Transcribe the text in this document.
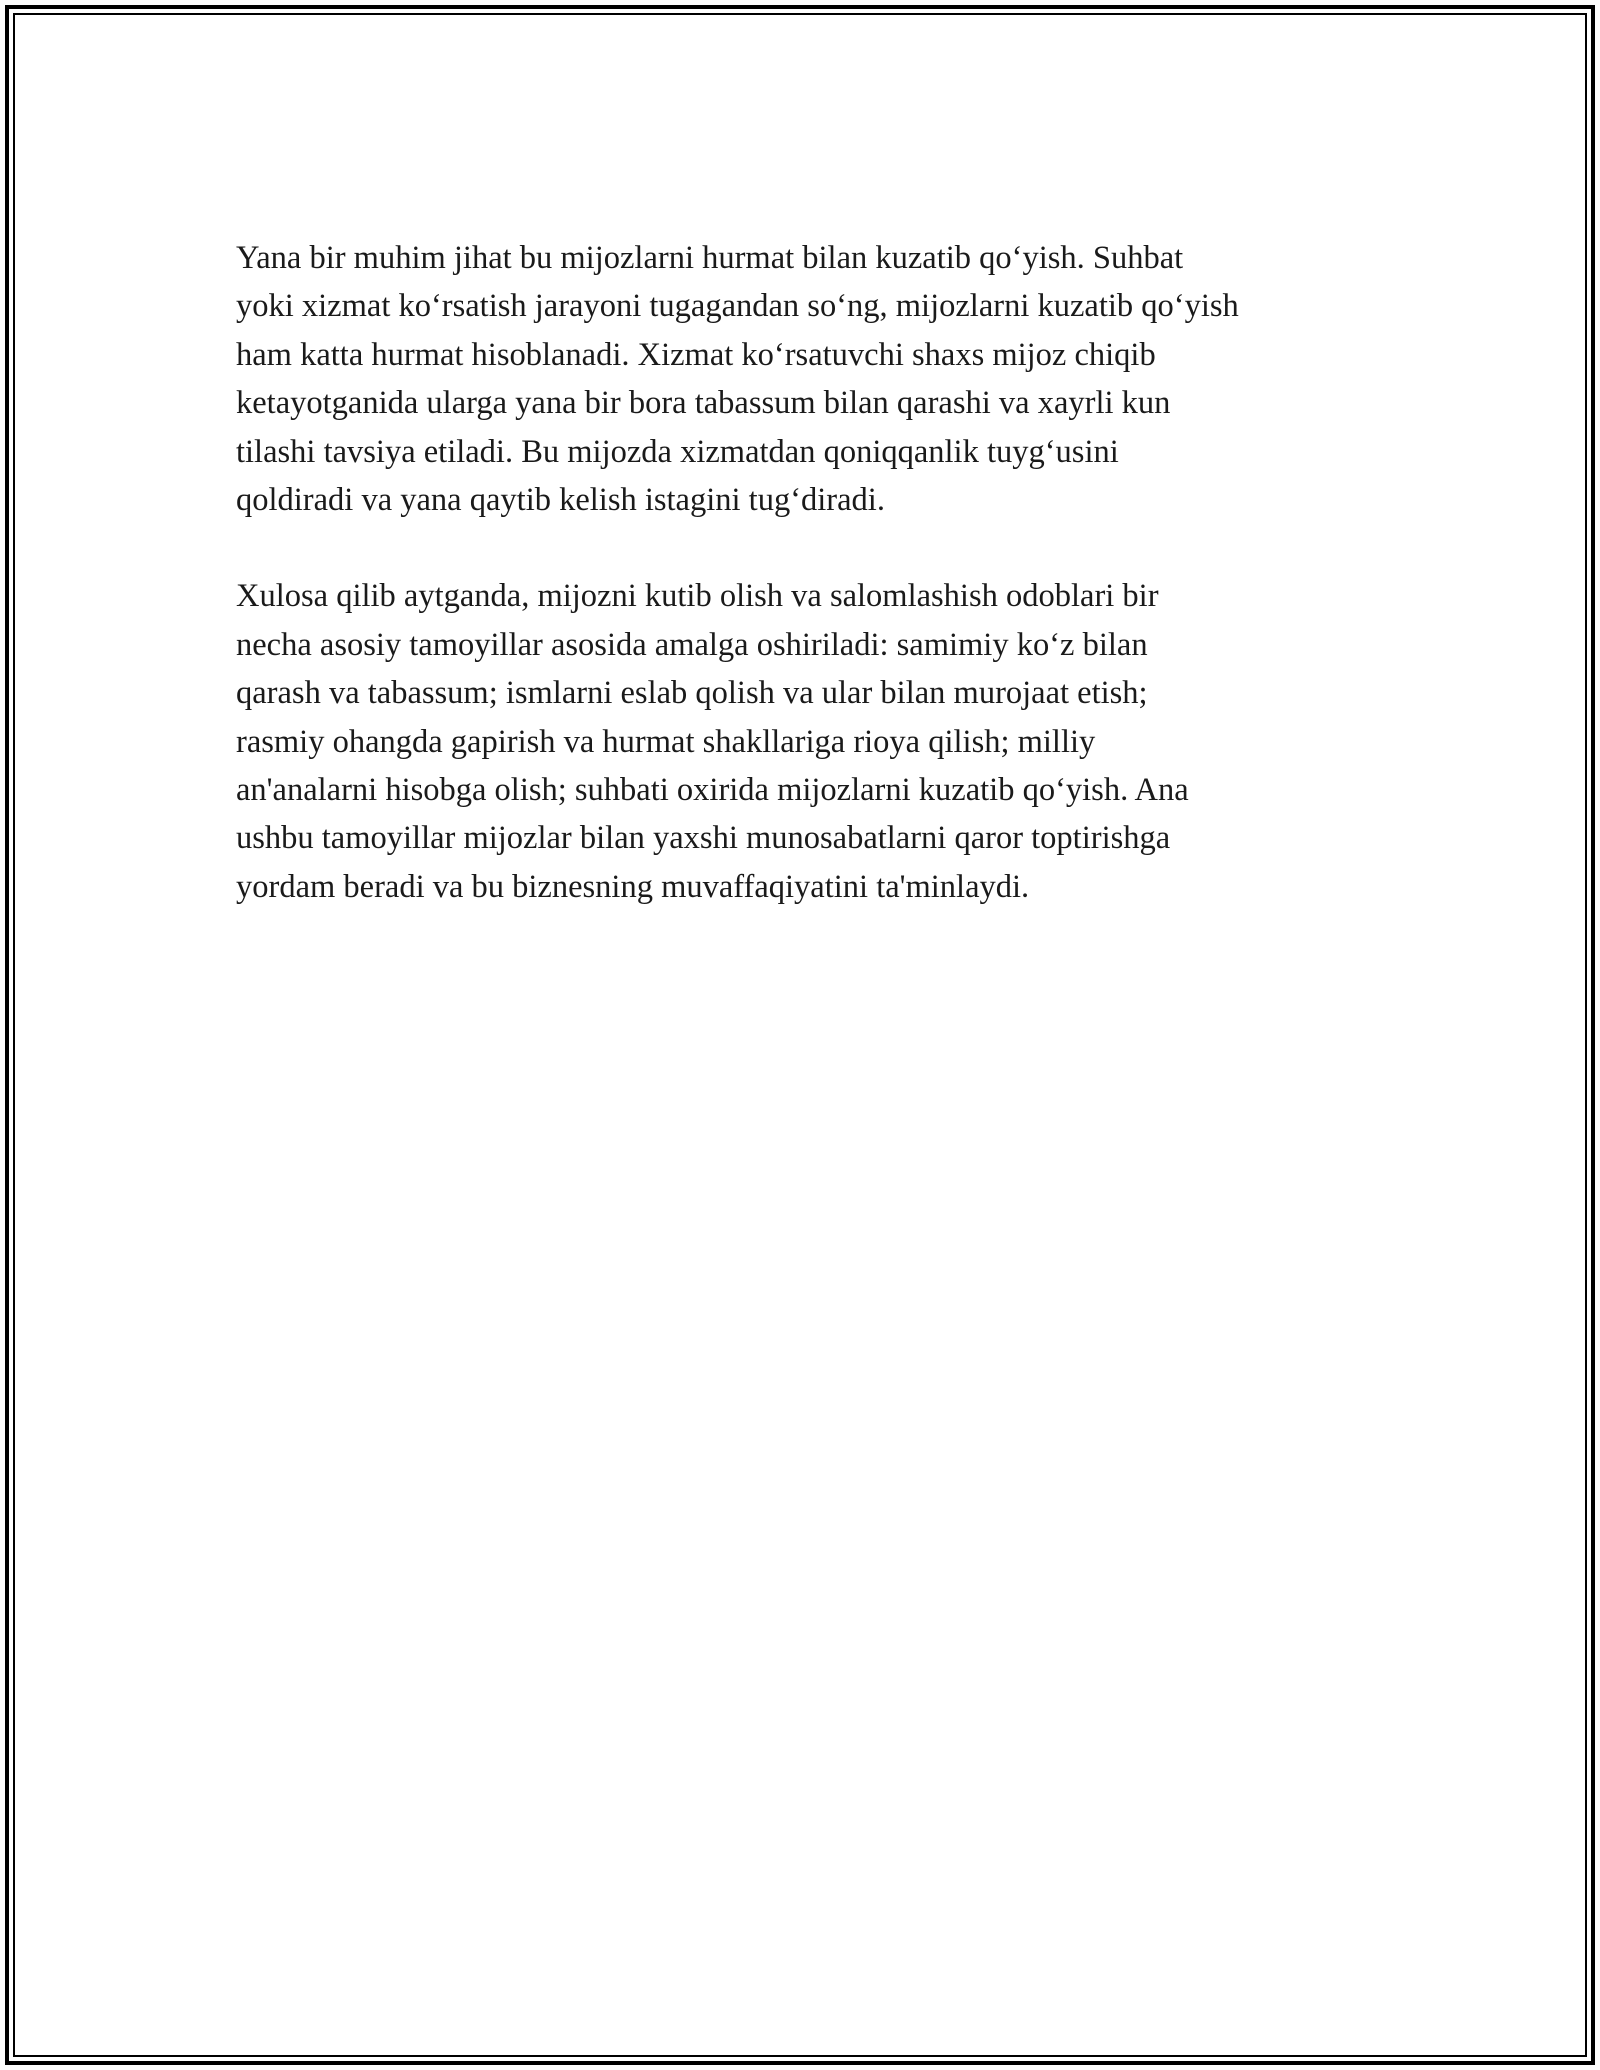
Yana bir muhim jihat bu mijozlarni hurmat bilan kuzatib qo‘yish. Suhbat
yoki xizmat ko‘rsatish jarayoni tugagandan so‘ng, mijozlarni kuzatib qo‘yish
ham katta hurmat hisoblanadi. Xizmat ko‘rsatuvchi shaxs mijoz chiqib
ketayotganida ularga yana bir bora tabassum bilan qarashi va xayrli kun
tilashi tavsiya etiladi. Bu mijozda xizmatdan qoniqqanlik tuyg‘usini
qoldiradi va yana qaytib kelish istagini tug‘diradi.

Xulosa qilib aytganda, mijozni kutib olish va salomlashish odoblari bir
necha asosiy tamoyillar asosida amalga oshiriladi: samimiy ko‘z bilan
qarash va tabassum; ismlarni eslab qolish va ular bilan murojaat etish;
rasmiy ohangda gapirish va hurmat shakllariga rioya qilish; milliy
an'analarni hisobga olish; suhbati oxirida mijozlarni kuzatib qo‘yish. Ana
ushbu tamoyillar mijozlar bilan yaxshi munosabatlarni qaror toptirishga
yordam beradi va bu biznesning muvaffaqiyatini ta'minlaydi.
